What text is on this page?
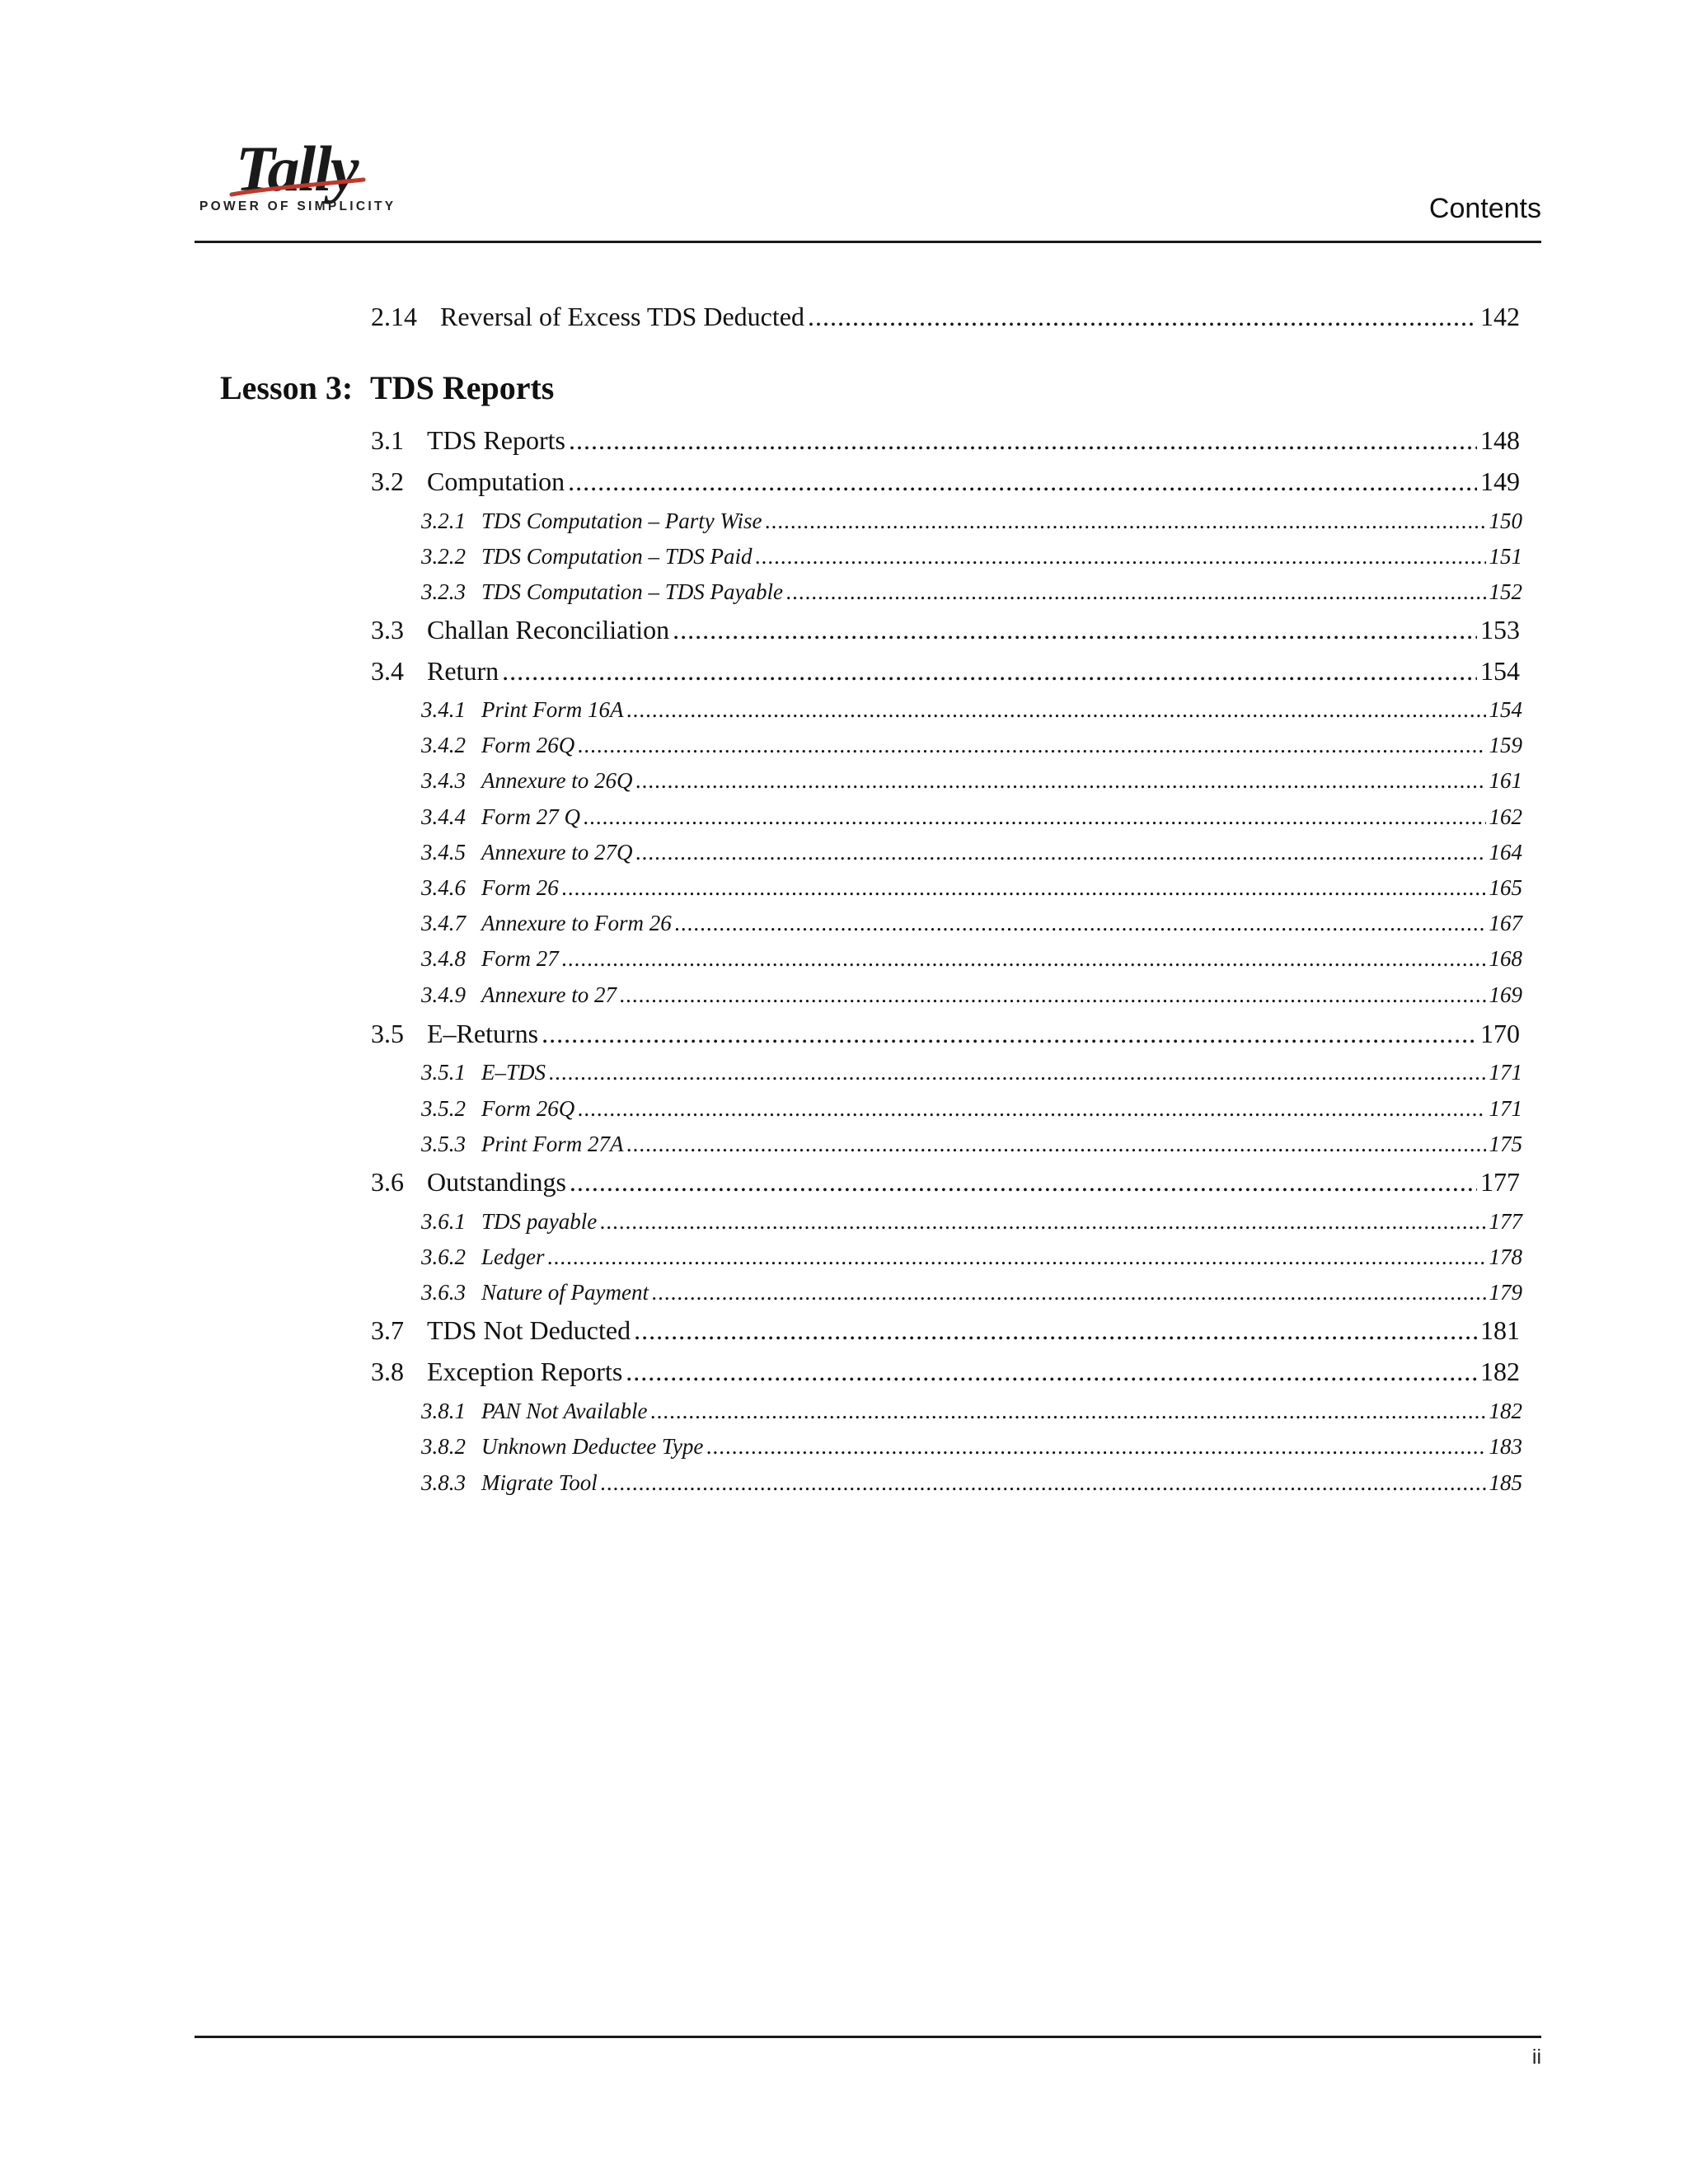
Tally
POWER OF SIMPLICITY	Contents
2.14 Reversal of Excess TDS Deducted .....	142
Lesson 3: TDS Reports
3.1 TDS Reports .....	148
3.2 Computation .....	149
3.2.1 TDS Computation – Party Wise .....	150
3.2.2 TDS Computation – TDS Paid .....	151
3.2.3 TDS Computation – TDS Payable .....	152
3.3 Challan Reconciliation .....	153
3.4 Return .....	154
3.4.1 Print Form 16A .....	154
3.4.2 Form 26Q .....	159
3.4.3 Annexure to 26Q .....	161
3.4.4 Form 27 Q .....	162
3.4.5 Annexure to 27Q .....	164
3.4.6 Form 26 .....	165
3.4.7 Annexure to Form 26 .....	167
3.4.8 Form 27 .....	168
3.4.9 Annexure to 27 .....	169
3.5 E–Returns .....	170
3.5.1 E–TDS .....	171
3.5.2 Form 26Q .....	171
3.5.3 Print Form 27A .....	175
3.6 Outstandings .....	177
3.6.1 TDS payable .....	177
3.6.2 Ledger .....	178
3.6.3 Nature of Payment .....	179
3.7 TDS Not Deducted .....	181
3.8 Exception Reports .....	182
3.8.1 PAN Not Available .....	182
3.8.2 Unknown Deductee Type .....	183
3.8.3 Migrate Tool .....	185
ii
